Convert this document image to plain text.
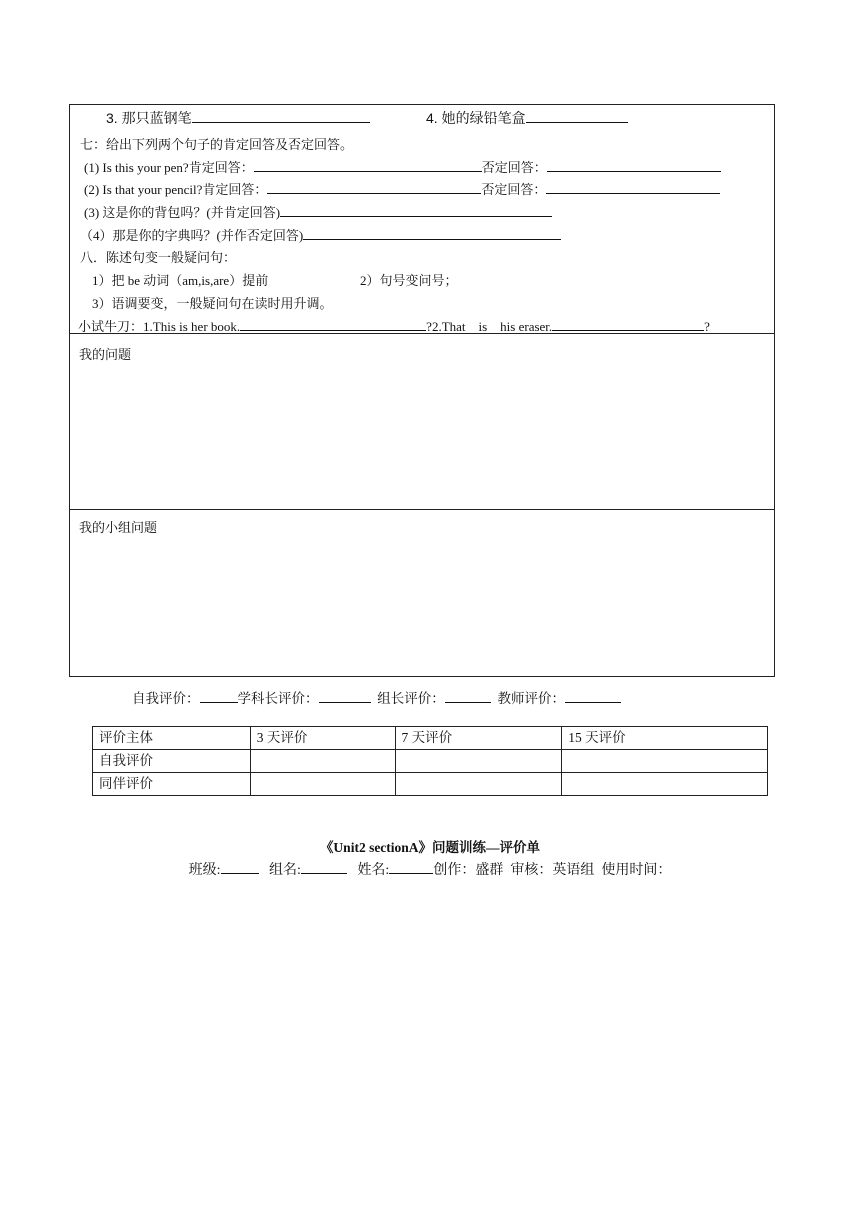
3. 那只蓝钢笔	4. 她的绿铅笔盒
七：给出下列两个句子的肯定回答及否定回答。
(1) Is this your pen?肯定回答：	否定回答：
(2) Is that your pencil?肯定回答：	否定回答：
(3) 这是你的背包吗？(并肯定回答)
（4）那是你的字典吗？(并作否定回答)
八．陈述句变一般疑问句：
1）把 be 动词（am,is,are）提前	2）句号变问号；
3）语调要变，一般疑问句在读时用升调。
小试牛刀：1.This is her book.	?2.That    is    his eraser.	?
我的问题
我的小组问题
自我评价：	学科长评价：	组长评价：	教师评价：
评价主体	3 天评价	7 天评价	15 天评价
自我评价			
同伴评价			
《Unit2 sectionA》问题训练—评价单
班级:	组名:	姓名:	创作：盛群 审核：英语组 使用时间：
